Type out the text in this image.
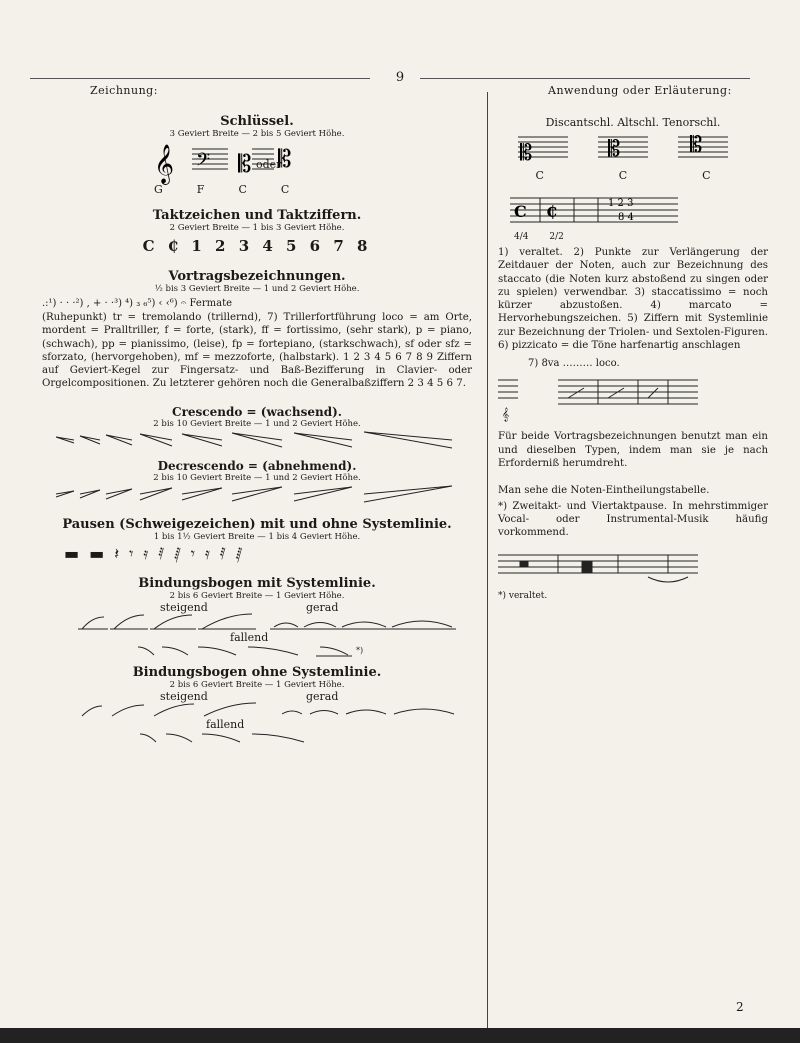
9
Zeichnung:	Anwendung oder Erläuterung:
Schlüssel.
3 Geviert Breite — 2 bis 5 Geviert Höhe.
𝄞 𝄢 𝄡 𝄡
oder
G	F	C	C
Taktzeichen und Taktziffern.
2 Geviert Breite — 1 bis 3 Geviert Höhe.
C ₵ 1 2 3 4 5 6 7 8
Vortragsbezeichnungen.
½ bis 3 Geviert Breite — 1 und 2 Geviert Höhe.
.:¹) · · ·²) , + · ·³) ⁴) ₃ ₆⁵) ‹ ‹⁶) 𝄐 Fermate
(Ruhepunkt) tr = tremolando (trillernd), 7) Trillerfortführung loco = am Orte, mordent = Pralltriller, f = forte, (stark), ff = fortissimo, (sehr stark), p = piano, (schwach), pp = pianissimo, (leise), fp = fortepiano, (starkschwach), sf oder sfz = sforzato, (hervorgehoben), mf = mezzoforte, (halbstark). 1 2 3 4 5 6 7 8 9 Ziffern auf Geviert-Kegel zur Fingersatz- und Baß-Bezifferung in Clavier- oder Orgelcompositionen. Zu letzterer gehören noch die Generalbaßziffern 2 3 4 5 6 7.
Crescendo = (wachsend).
2 bis 10 Geviert Breite — 1 und 2 Geviert Höhe.
Decrescendo = (abnehmend).
2 bis 10 Geviert Breite — 1 und 2 Geviert Höhe.
Pausen (Schweigezeichen) mit und ohne Systemlinie.
1 bis 1½ Geviert Breite — 1 bis 4 Geviert Höhe.
▬▬𝄽𝄾𝄿𝅀𝅁𝄾𝄿𝅀𝅁
Bindungsbogen mit Systemlinie.
2 bis 6 Geviert Breite — 1 Geviert Höhe.
steigend	gerad
fallend
*)
Bindungsbogen ohne Systemlinie.
2 bis 6 Geviert Breite — 1 Geviert Höhe.
steigend	gerad
fallend
Discantschl. Altschl. Tenorschl.
𝄡	𝄡	𝄡
C	C	C
C ₵	1 2 3
8 4
4/4 2/2
1) veraltet. 2) Punkte zur Verlängerung der Zeitdauer der Noten, auch zur Bezeichnung des staccato (die Noten kurz abstoßend zu singen oder zu spielen) verwendbar. 3) staccatissimo = noch kürzer abzustoßen. 4) marcato = Hervorhebungszeichen. 5) Ziffern mit Systemlinie zur Bezeichnung der Triolen- und Sextolen-Figuren. 6) pizzicato = die Töne harfenartig anschlagen
𝄞
7) 8va ……… loco.
Für beide Vortragsbezeichnungen benutzt man ein und dieselben Typen, indem man sie je nach Erforderniß herumdreht.
Man sehe die Noten-Eintheilungstabelle.
*) Zweitakt- und Viertaktpause. In mehrstimmiger Vocal- oder Instrumental-Musik häufig vorkommend.
*) veraltet.
2
